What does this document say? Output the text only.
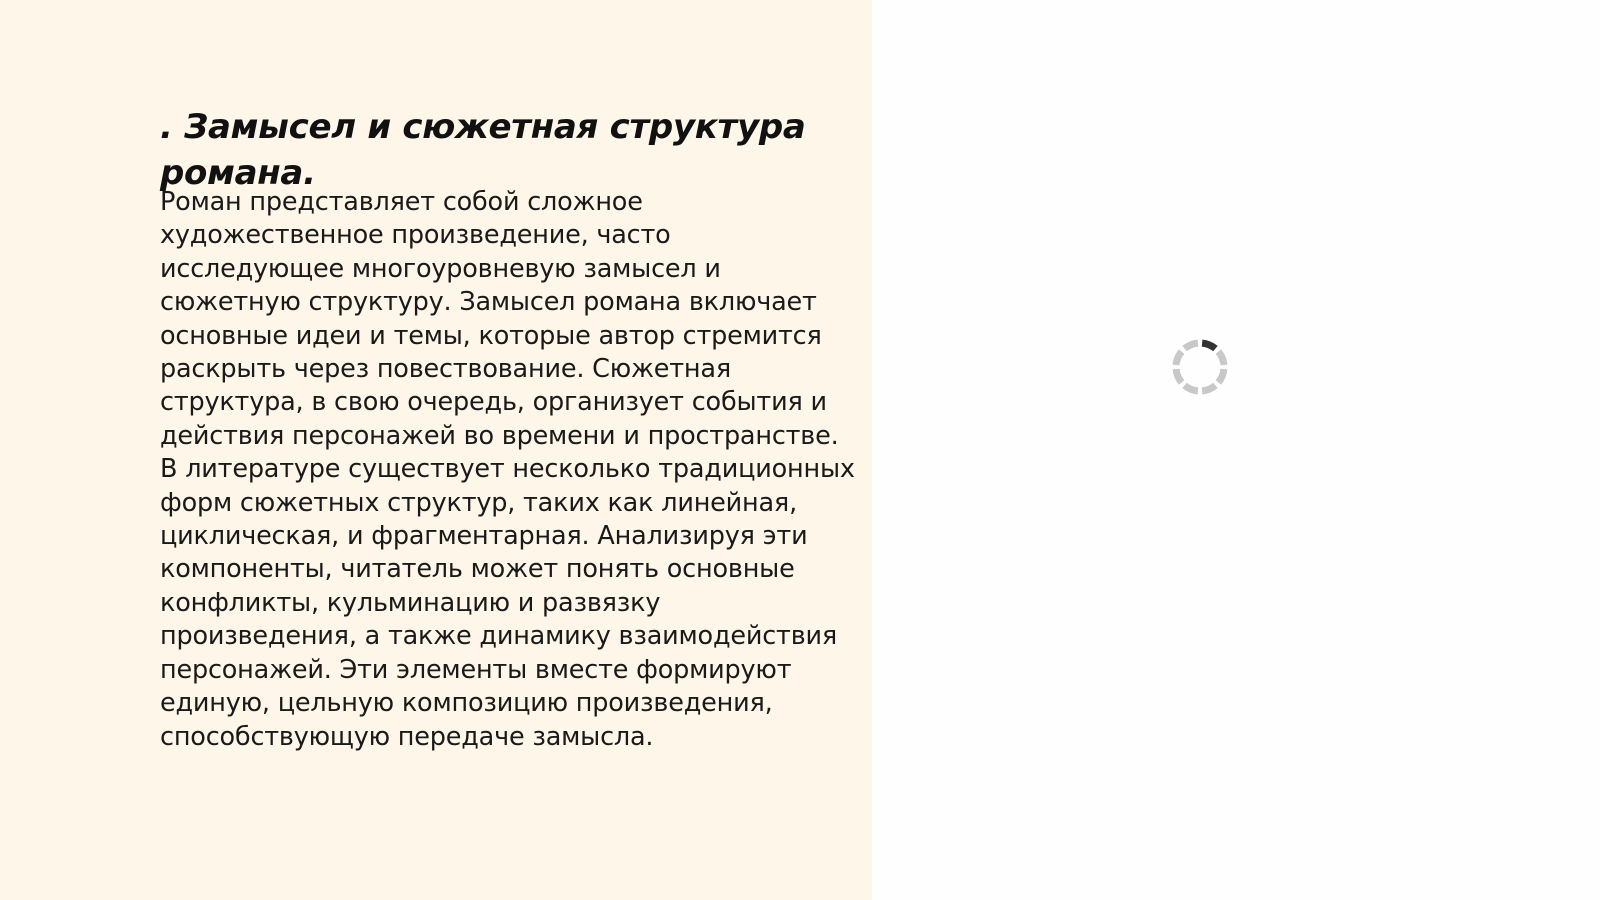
. Замысел и сюжетная структура романа.

Роман представляет собой сложное художественное произведение, часто исследующее многоуровневую замысел и сюжетную структуру. Замысел романа включает основные идеи и темы, которые автор стремится раскрыть через повествование. Сюжетная структура, в свою очередь, организует события и действия персонажей во времени и пространстве. В литературе существует несколько традиционных форм сюжетных структур, таких как линейная, циклическая, и фрагментарная. Анализируя эти компоненты, читатель может понять основные конфликты, кульминацию и развязку произведения, а также динамику взаимодействия персонажей. Эти элементы вместе формируют единую, цельную композицию произведения, способствующую передаче замысла.
